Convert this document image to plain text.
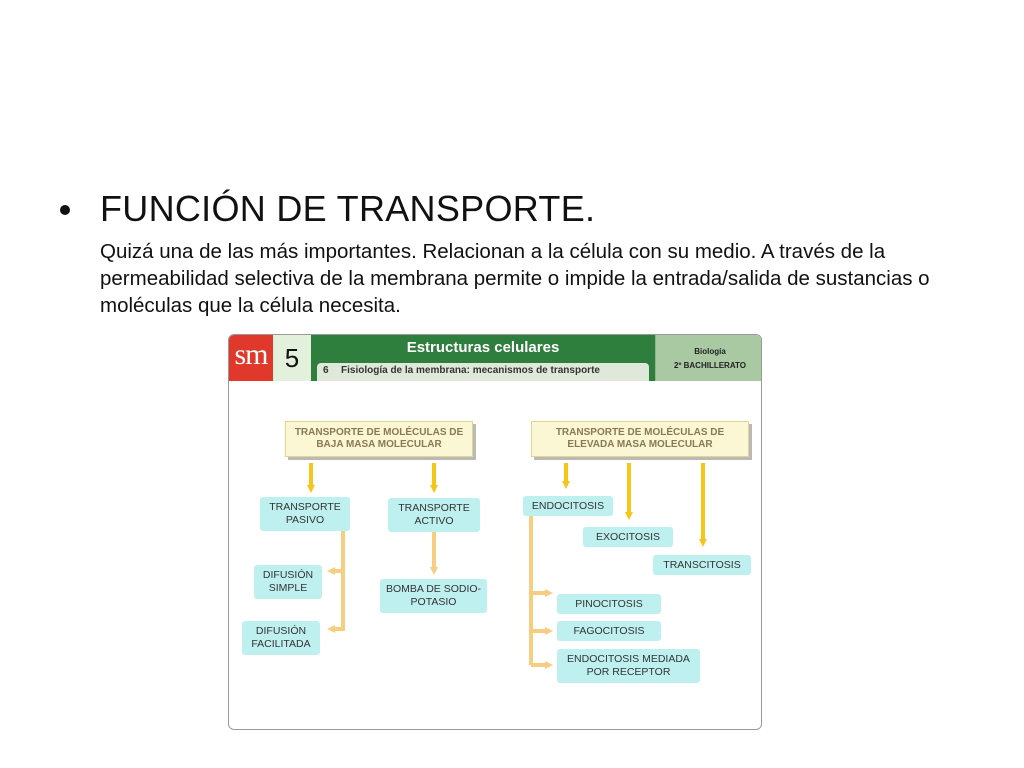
FUNCIÓN DE TRANSPORTE.
Quizá una de las más importantes. Relacionan a la célula con su medio. A través de la permeabilidad selectiva de la membrana permite o impide la entrada/salida de sustancias o moléculas que la célula necesita.
sm 5	Estructuras celulares
6 Fisiología de la membrana: mecanismos de transporte
Biología
2º BACHILLERATO
TRANSPORTE DE MOLÉCULAS DE BAJA MASA MOLECULAR
TRANSPORTE DE MOLÉCULAS DE ELEVADA MASA MOLECULAR
TRANSPORTE PASIVO
TRANSPORTE ACTIVO
DIFUSIÓN SIMPLE
DIFUSIÓN FACILITADA
BOMBA DE SODIO-POTASIO
ENDOCITOSIS
EXOCITOSIS
TRANSCITOSIS
PINOCITOSIS
FAGOCITOSIS
ENDOCITOSIS MEDIADA POR RECEPTOR
